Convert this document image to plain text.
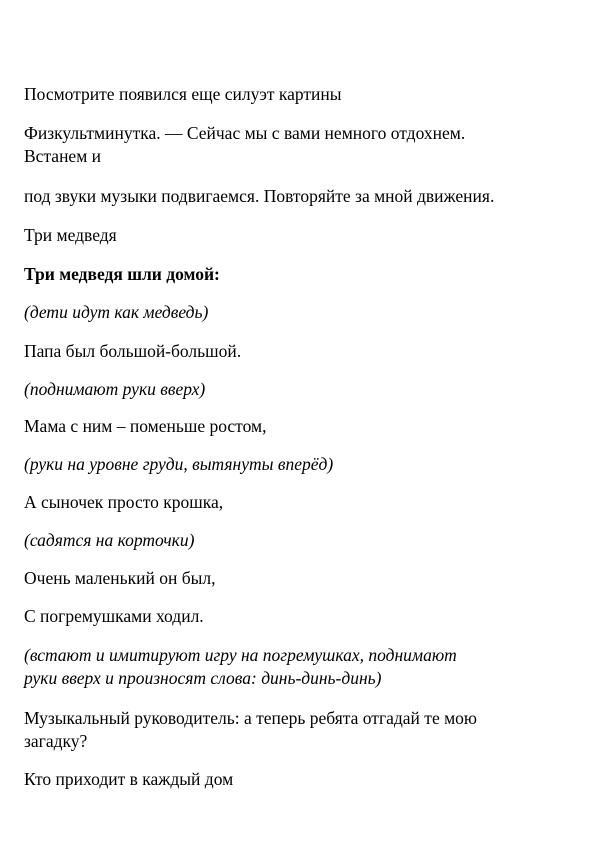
Посмотрите появился еще силуэт картины

Физкультминутка. — Сейчас мы с вами немного отдохнем.

Встанем и

под звуки музыки подвигаемся. Повторяйте за мной движения.

Три медведя

Три медведя шли домой:

(дети идут как медведь)

Папа был большой-большой.

(поднимают руки вверх)

Мама с ним – поменьше ростом,

(руки на уровне груди, вытянуты вперёд)

А сыночек просто крошка,

(садятся на корточки)

Очень маленький он был,

С погремушками ходил.

(встают и имитируют игру на погремушках, поднимают

руки вверх и произносят слова: динь-динь-динь)

Музыкальный руководитель: а теперь ребята отгадай те мою

загадку?

Кто приходит в каждый дом
